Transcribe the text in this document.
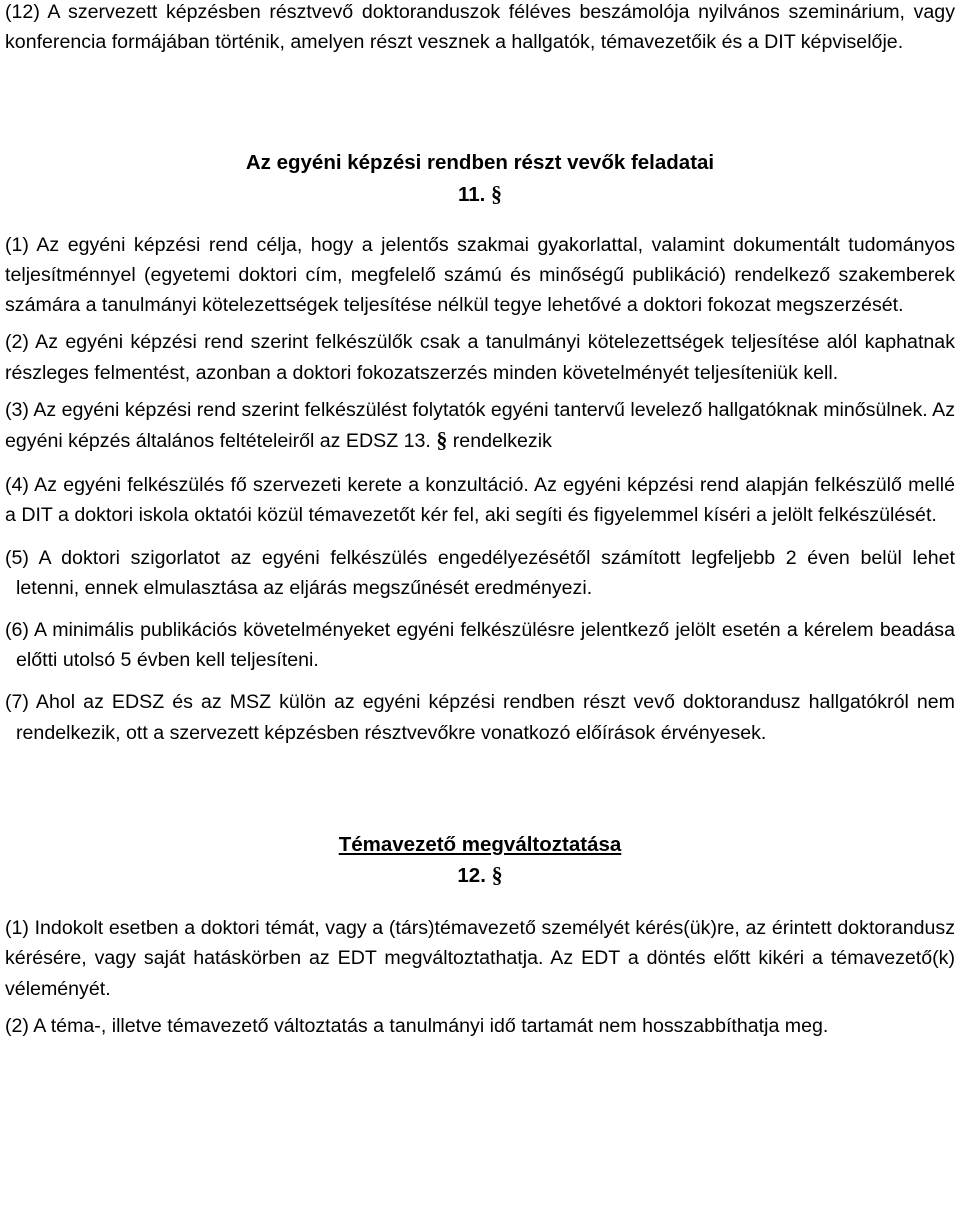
(12) A szervezett képzésben résztvevő doktoranduszok féléves beszámolója nyilvános szeminárium, vagy konferencia formájában történik, amelyen részt vesznek a hallgatók, témavezetőik és a DIT képviselője.

Az egyéni képzési rendben részt vevők feladatai
11. §

(1) Az egyéni képzési rend célja, hogy a jelentős szakmai gyakorlattal, valamint dokumentált tudományos teljesítménnyel (egyetemi doktori cím, megfelelő számú és minőségű publikáció) rendelkező szakemberek számára a tanulmányi kötelezettségek teljesítése nélkül tegye lehetővé a doktori fokozat megszerzését.

(2) Az egyéni képzési rend szerint felkészülők csak a tanulmányi kötelezettségek teljesítése alól kaphatnak részleges felmentést, azonban a doktori fokozatszerzés minden követelményét teljesíteniük kell.

(3) Az egyéni képzési rend szerint felkészülést folytatók egyéni tantervű levelező hallgatóknak minősülnek. Az egyéni képzés általános feltételeiről az EDSZ 13. § rendelkezik

(4) Az egyéni felkészülés fő szervezeti kerete a konzultáció. Az egyéni képzési rend alapján felkészülő mellé a DIT a doktori iskola oktatói közül témavezetőt kér fel, aki segíti és figyelemmel kíséri a jelölt felkészülését.

(5) A doktori szigorlatot az egyéni felkészülés engedélyezésétől számított legfeljebb 2 éven belül lehet letenni, ennek elmulasztása az eljárás megszűnését eredményezi.

(6) A minimális publikációs követelményeket egyéni felkészülésre jelentkező jelölt esetén a kérelem beadása előtti utolsó 5 évben kell teljesíteni.

(7) Ahol az EDSZ és az MSZ külön az egyéni képzési rendben részt vevő doktorandusz hallgatókról nem rendelkezik, ott a szervezett képzésben résztvevőkre vonatkozó előírások érvényesek.

Témavezető megváltoztatása
12. §

(1) Indokolt esetben a doktori témát, vagy a (társ)témavezető személyét kérés(ük)re, az érintett doktorandusz kérésére, vagy saját hatáskörben az EDT megváltoztathatja. Az EDT a döntés előtt kikéri a témavezető(k) véleményét.

(2) A téma-, illetve témavezető változtatás a tanulmányi idő tartamát nem hosszabbíthatja meg.
